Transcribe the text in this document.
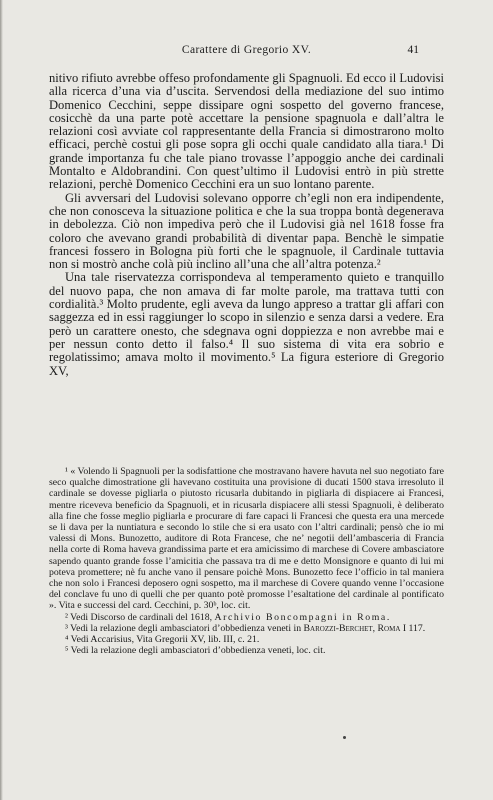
Carattere di Gregorio XV.	41

nitivo rifiuto avrebbe offeso profondamente gli Spagnuoli. Ed ecco il Ludovisi alla ricerca d’una via d’uscita. Servendosi della mediazione del suo intimo Domenico Cecchini, seppe dissipare ogni sospetto del governo francese, cosicchè da una parte potè accettare la pensione spagnuola e dall’altra le relazioni così avviate col rappresentante della Francia si dimostrarono molto efficaci, perchè costui gli pose sopra gli occhi quale candidato alla tiara.¹ Di grande importanza fu che tale piano trovasse l’appoggio anche dei cardinali Montalto e Aldobrandini. Con quest’ultimo il Ludovisi entrò in più strette relazioni, perchè Domenico Cecchini era un suo lontano parente.

Gli avversari del Ludovisi solevano opporre ch’egli non era indipendente, che non conosceva la situazione politica e che la sua troppa bontà degenerava in debolezza. Ciò non impediva però che il Ludovisi già nel 1618 fosse fra coloro che avevano grandi probabilità di diventar papa. Benchè le simpatie francesi fossero in Bologna più forti che le spagnuole, il Cardinale tuttavia non si mostrò anche colà più inclino all’una che all’altra potenza.²

Una tale riservatezza corrispondeva al temperamento quieto e tranquillo del nuovo papa, che non amava di far molte parole, ma trattava tutti con cordialità.³ Molto prudente, egli aveva da lungo appreso a trattar gli affari con saggezza ed in essi raggiunger lo scopo in silenzio e senza darsi a vedere. Era però un carattere onesto, che sdegnava ogni doppiezza e non avrebbe mai e per nessun conto detto il falso.⁴ Il suo sistema di vita era sobrio e regolatissimo; amava molto il movimento.⁵ La figura esteriore di Gregorio XV,

¹ « Volendo li Spagnuoli per la sodisfattione che mostravano havere havuta nel suo negotiato fare seco qualche dimostratione gli havevano costituita una provisione di ducati 1500 stava irresoluto il cardinale se dovesse pigliarla o piutosto ricusarla dubitando in pigliarla di dispiacere ai Francesi, mentre riceveva beneficio da Spagnuoli, et in ricusarla dispiacere alli stessi Spagnuoli, è deliberato alla fine che fosse meglio pigliarla e procurare di fare capaci li Francesi che questa era una mercede se li dava per la nuntiatura e secondo lo stile che si era usato con l’altri cardinali; pensò che io mi valessi di Mons. Bunozetto, auditore di Rota Francese, che ne’ negotii dell’ambasceria di Francia nella corte di Roma haveva grandissima parte et era amicissimo di marchese di Covere ambasciatore sapendo quanto grande fosse l’amicitia che passava tra di me e detto Monsignore e quanto di lui mi poteva promettere; nè fu anche vano il pensare poichè Mons. Bunozetto fece l’officio in tal maniera che non solo i Francesi deposero ogni sospetto, ma il marchese di Covere quando venne l’occasione del conclave fu uno di quelli che per quanto potè promosse l’esaltatione del cardinale al pontificato ». Vita e successi del card. Cecchini, p. 30ᵇ, loc. cit.

² Vedi Discorso de cardinali del 1618, Archivio Boncompagni in Roma.

³ Vedi la relazione degli ambasciatori d’obbedienza veneti in Barozzi-Berchet, Roma I 117.

⁴ Vedi Accarisius, Vita Gregorii XV, lib. III, c. 21.

⁵ Vedi la relazione degli ambasciatori d’obbedienza veneti, loc. cit.
